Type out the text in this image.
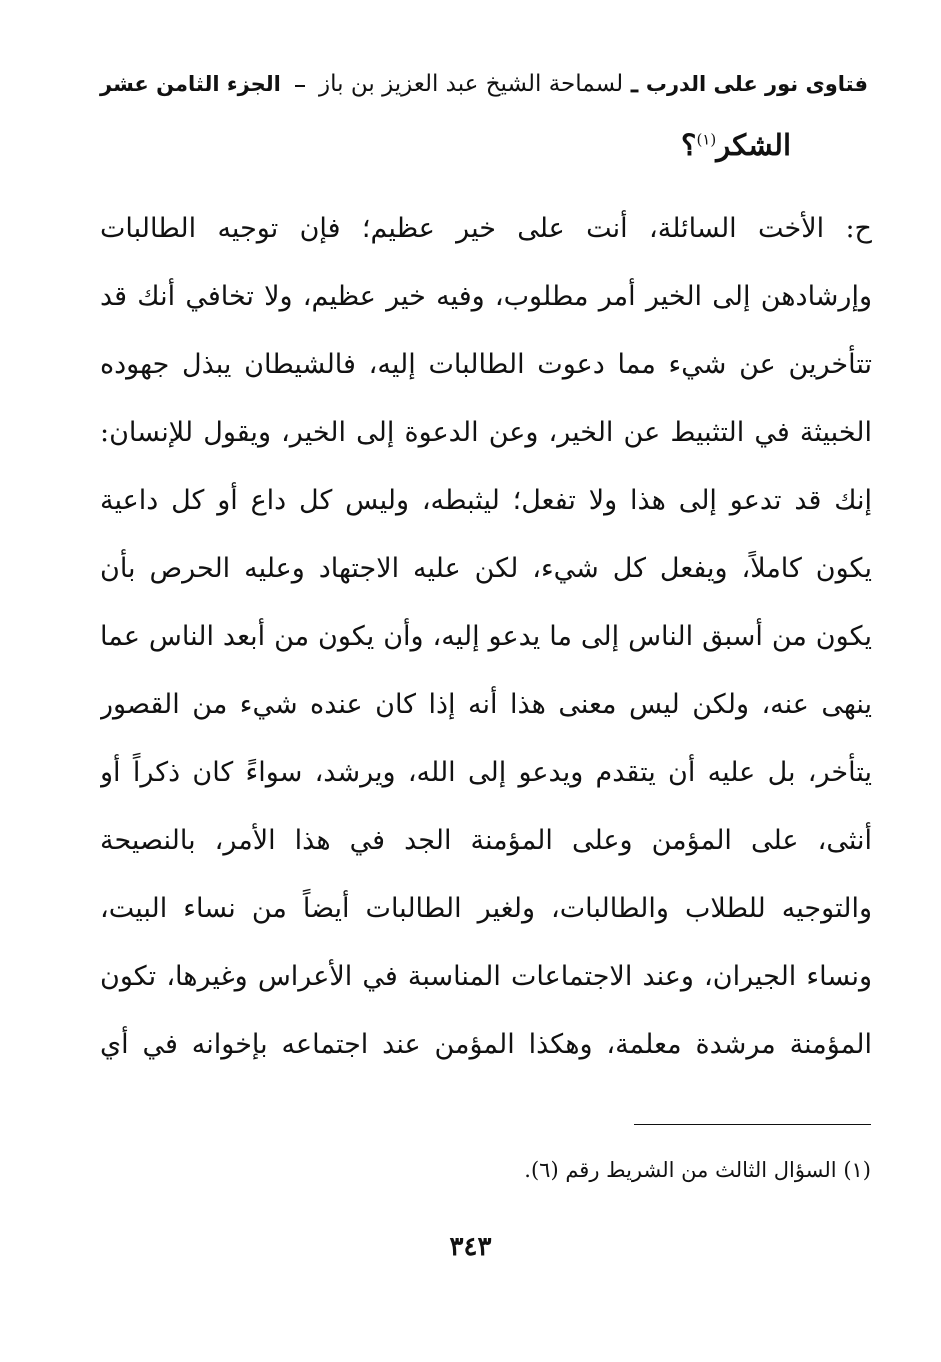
فتاوى نور على الدرب
ـ
لسماحة الشيخ عبد العزيز بن باز
الجزء الثامن عشر
الشكر$^{(١)}$؟
ح: الأخت السائلة، أنت على خير عظيم؛ فإن توجيه الطالبات
وإرشادهن إلى الخير أمر مطلوب، وفيه خير عظيم، ولا تخافي أنك قد
تتأخرين عن شيء مما دعوت الطالبات إليه، فالشيطان يبذل جهوده
الخبيثة في التثبيط عن الخير، وعن الدعوة إلى الخير، ويقول للإنسان:
إنك قد تدعو إلى هذا ولا تفعل؛ ليثبطه، وليس كل داع أو كل داعية
يكون كاملاً، ويفعل كل شيء، لكن عليه الاجتهاد وعليه الحرص بأن
يكون من أسبق الناس إلى ما يدعو إليه، وأن يكون من أبعد الناس عما
ينهى عنه، ولكن ليس معنى هذا أنه إذا كان عنده شيء من القصور
يتأخر، بل عليه أن يتقدم ويدعو إلى الله، ويرشد، سواءً كان ذكراً أو
أنثى، على المؤمن وعلى المؤمنة الجد في هذا الأمر، بالنصيحة
والتوجيه للطلاب والطالبات، ولغير الطالبات أيضاً من نساء البيت،
ونساء الجيران، وعند الاجتماعات المناسبة في الأعراس وغيرها، تكون
المؤمنة مرشدة معلمة، وهكذا المؤمن عند اجتماعه بإخوانه في أي
(١) السؤال الثالث من الشريط رقم (٦).
٣٤٣
